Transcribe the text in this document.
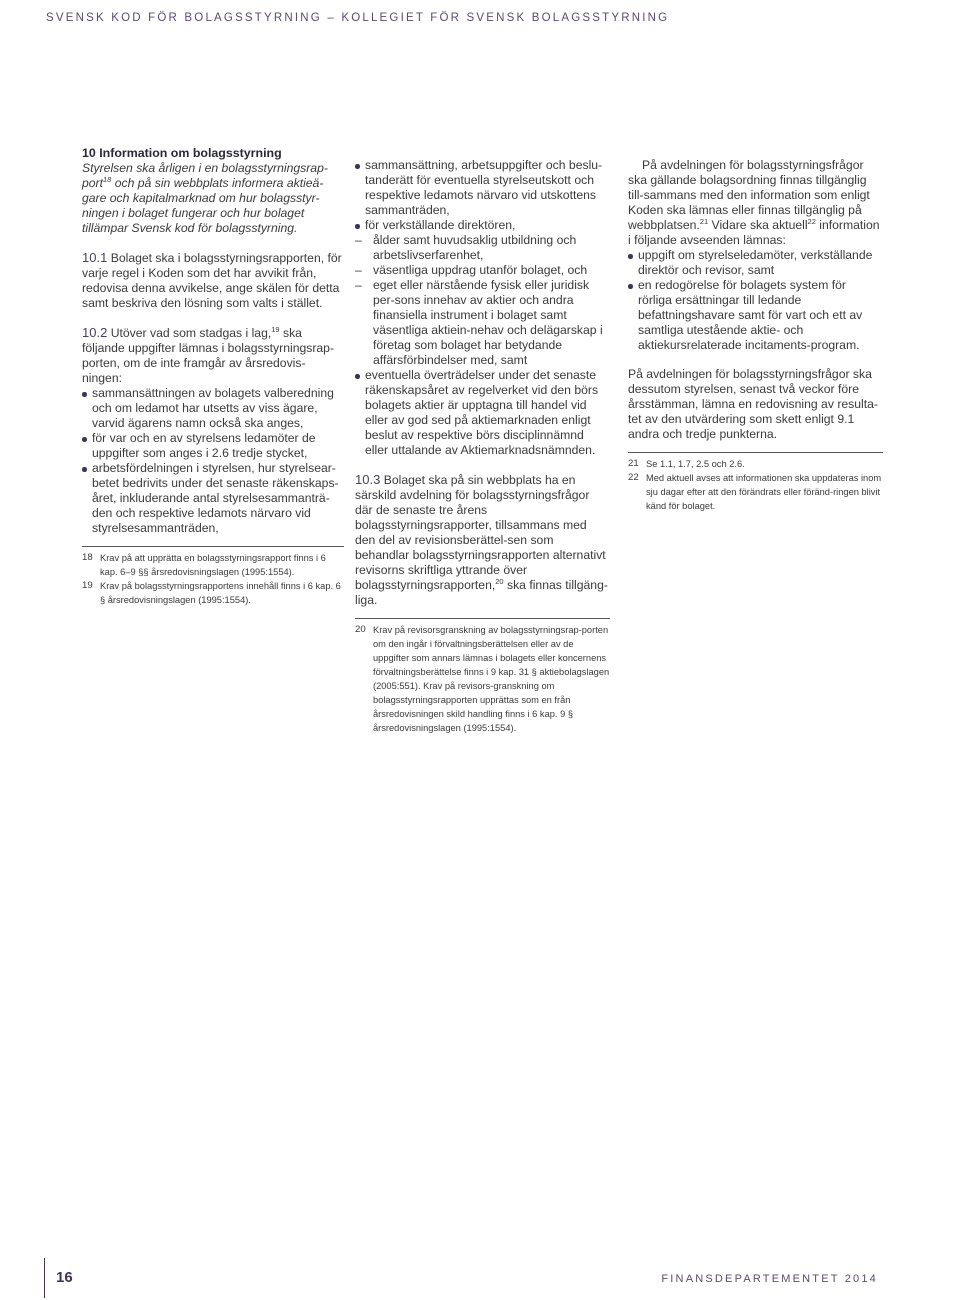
SVENSK KOD FÖR BOLAGSSTYRNING – KOLLEGIET FÖR SVENSK BOLAGSSTYRNING
10 Information om bolagsstyrning

Styrelsen ska årligen i en bolagsstyrningsrap-port$^{18}$ och på sin webbplats informera aktieä-gare och kapitalmarknad om hur bolagsstyr-ningen i bolaget fungerar och hur bolaget tillämpar Svensk kod för bolagsstyrning.

10.1 Bolaget ska i bolagsstyrningsrapporten, för varje regel i Koden som det har avvikit från, redovisa denna avvikelse, ange skälen för detta samt beskriva den lösning som valts i stället.

10.2 Utöver vad som stadgas i lag,$^{19}$ ska följande uppgifter lämnas i bolagsstyrningsrap-porten, om de inte framgår av årsredovis-ningen:

sammansättningen av bolagets valberedning och om ledamot har utsetts av viss ägare, varvid ägarens namn också ska anges,
för var och en av styrelsens ledamöter de uppgifter som anges i 2.6 tredje stycket,
arbetsfördelningen i styrelsen, hur styrelsear-betet bedrivits under det senaste räkenskaps-året, inkluderande antal styrelsesammanträ-den och respektive ledamots närvaro vid styrelsesammanträden,
18 Krav på att upprätta en bolagsstyrningsrapport finns i 6 kap. 6–9 §§ årsredovisningslagen (1995:1554).
19 Krav på bolagsstyrningsrapportens innehåll finns i 6 kap. 6 § årsredovisningslagen (1995:1554).
sammansättning, arbetsuppgifter och beslu-tanderätt för eventuella styrelseutskott och respektive ledamots närvaro vid utskottens sammanträden,
för verkställande direktören,
– ålder samt huvudsaklig utbildning och arbetslivserfarenhet,
– väsentliga uppdrag utanför bolaget, och
– eget eller närstående fysisk eller juridisk per-sons innehav av aktier och andra finansiella instrument i bolaget samt väsentliga aktiein-nehav och delägarskap i företag som bolaget har betydande affärsförbindelser med, samt
eventuella överträdelser under det senaste räkenskapsåret av regelverket vid den börs bolagets aktier är upptagna till handel vid eller av god sed på aktiemarknaden enligt beslut av respektive börs disciplinnämnd eller uttalande av Aktiemarknadsnämnden.

10.3 Bolaget ska på sin webbplats ha en särskild avdelning för bolagsstyrningsfrågor där de senaste tre årens bolagsstyrningsrapporter, tillsammans med den del av revisionsberättel-sen som behandlar bolagsstyrningsrapporten alternativt revisorns skriftliga yttrande över bolagsstyrningsrapporten,$^{20}$ ska finnas tillgäng-liga.

20 Krav på revisorsgranskning av bolagsstyrningsrap-porten om den ingår i förvaltningsberättelsen eller av de uppgifter som annars lämnas i bolagets eller koncernens förvaltningsberättelse finns i 9 kap. 31 § aktiebolagslagen (2005:551). Krav på revisors-granskning om bolagsstyrningsrapporten upprättas som en från årsredovisningen skild handling finns i 6 kap. 9 § årsredovisningslagen (1995:1554).

På avdelningen för bolagsstyrningsfrågor ska gällande bolagsordning finnas tillgänglig till-sammans med den information som enligt Koden ska lämnas eller finnas tillgänglig på webbplatsen.$^{21}$ Vidare ska aktuell$^{22}$ information i följande avseenden lämnas:

uppgift om styrelseledamöter, verkställande direktör och revisor, samt
en redogörelse för bolagets system för rörliga ersättningar till ledande befattningshavare samt för vart och ett av samtliga utestående aktie- och aktiekursrelaterade incitaments-program.

På avdelningen för bolagsstyrningsfrågor ska dessutom styrelsen, senast två veckor före årsstämman, lämna en redovisning av resulta-tet av den utvärdering som skett enligt 9.1 andra och tredje punkterna.

21 Se 1.1, 1.7, 2.5 och 2.6.
22 Med aktuell avses att informationen ska uppdateras inom sju dagar efter att den förändrats eller föränd-ringen blivit känd för bolaget.
16	FINANSDEPARTEMENTET 2014
